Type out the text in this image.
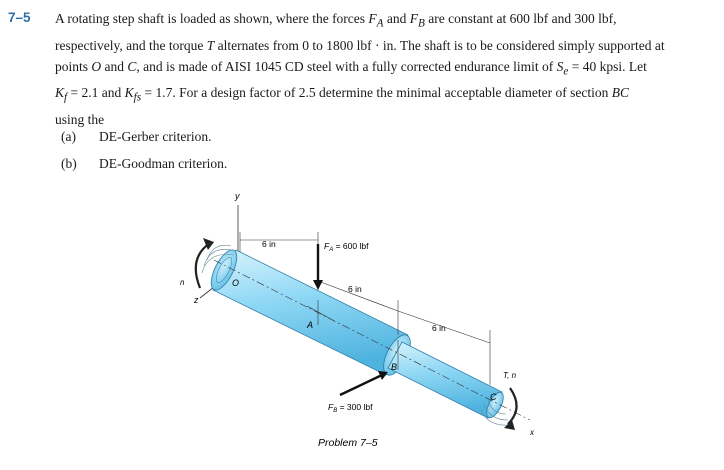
7–5 A rotating step shaft is loaded as shown, where the forces $F_A$ and $F_B$ are constant at 600 lbf and 300 lbf,
respectively, and the torque T alternates from 0 to 1800 lbf · in. The shaft is to be considered simply supported at
points O and C, and is made of AISI 1045 CD steel with a fully corrected endurance limit of $S_e = 40$ kpsi. Let
$K_f = 2.1$ and $K_{fs} = 1.7$. For a design factor of 2.5 determine the minimal acceptable diameter of section BC
using the
(a) DE-Gerber criterion.
(b) DE-Goodman criterion.
y
z
n
T, n
O
A
B
C
x
6 in
6 in
6 in
$F_A = 600$ lbf
$F_B = 300$ lbf
Problem 7–5
